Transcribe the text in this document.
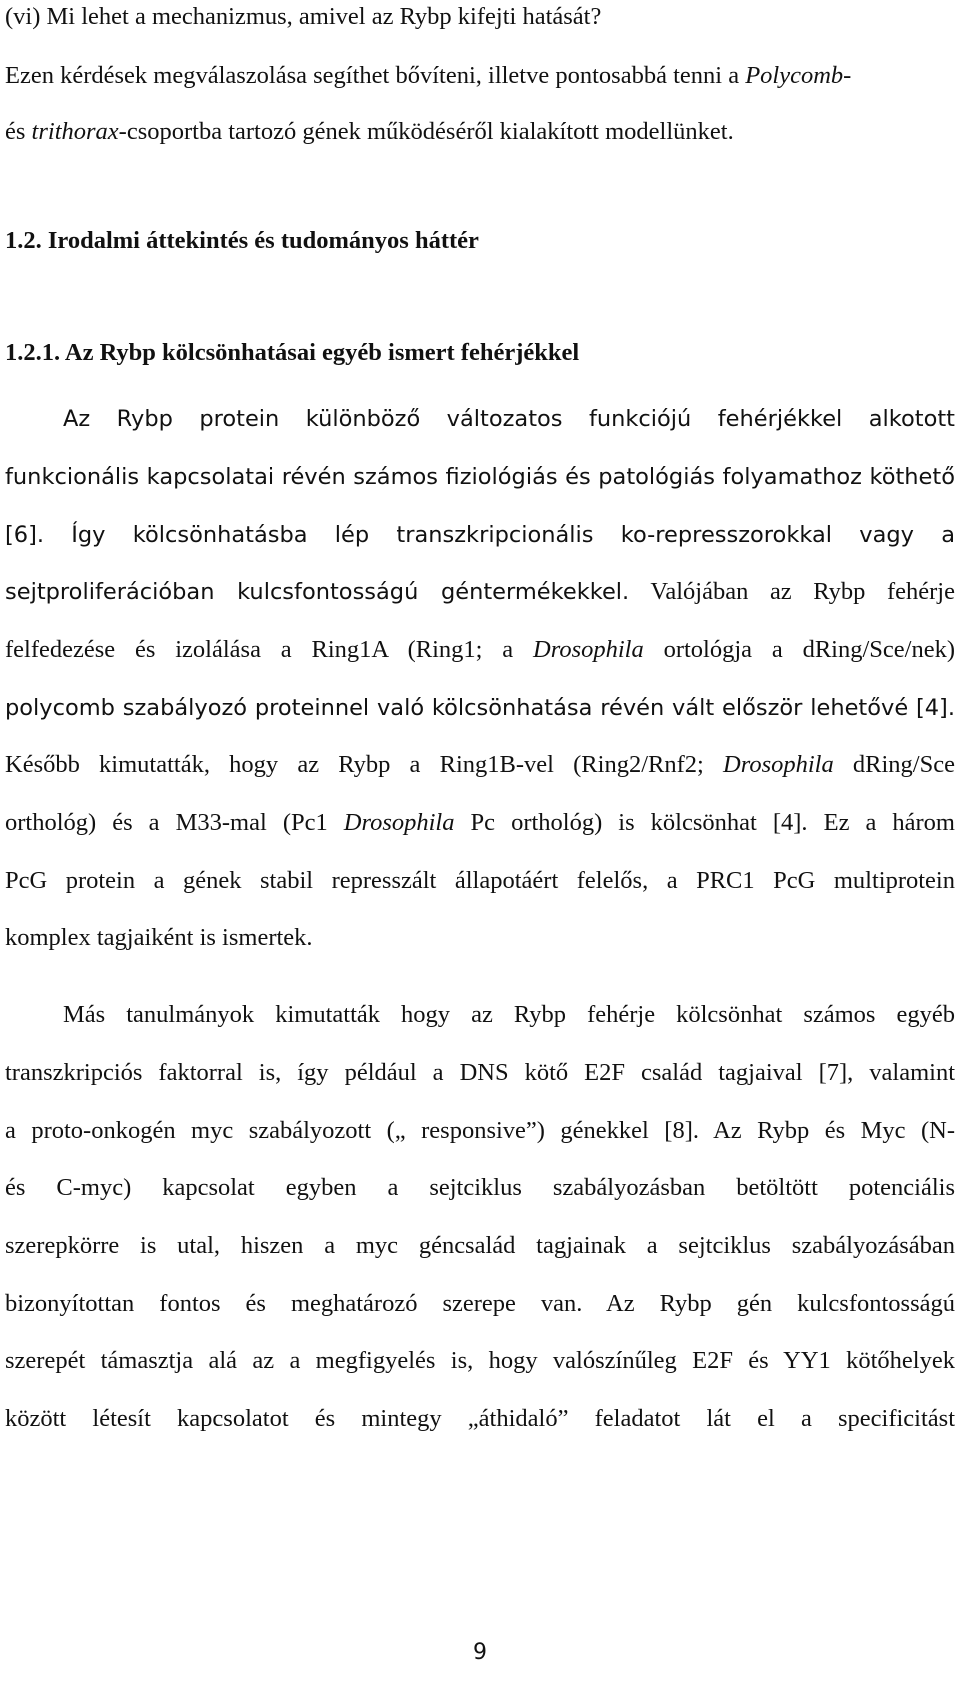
(vi) Mi lehet a mechanizmus, amivel az Rybp kifejti hatását?
Ezen kérdések megválaszolása segíthet bővíteni, illetve pontosabbá tenni a Polycomb-
és trithorax-csoportba tartozó gének működéséről kialakított modellünket.
1.2. Irodalmi áttekintés és tudományos háttér
1.2.1. Az Rybp kölcsönhatásai egyéb ismert fehérjékkel
Az Rybp protein különböző változatos funkciójú fehérjékkel alkotott
funkcionális kapcsolatai révén számos fiziológiás és patológiás folyamathoz köthető
[6]. Így kölcsönhatásba lép transzkripcionális ko-represszorokkal vagy a
sejtproliferációban kulcsfontosságú géntermékekkel. Valójában az Rybp fehérje
felfedezése és izolálása a Ring1A (Ring1; a Drosophila ortológja a dRing/Sce/nek)
polycomb szabályozó proteinnel való kölcsönhatása révén vált először lehetővé [4].
Később kimutatták, hogy az Rybp a Ring1B-vel (Ring2/Rnf2; Drosophila dRing/Sce
orthológ) és a M33-mal (Pc1 Drosophila Pc orthológ) is kölcsönhat [4]. Ez a három
PcG protein a gének stabil represszált állapotáért felelős, a PRC1 PcG multiprotein
komplex tagjaiként is ismertek.
Más tanulmányok kimutatták hogy az Rybp fehérje kölcsönhat számos egyéb
transzkripciós faktorral is, így például a DNS kötő E2F család tagjaival [7], valamint
a proto-onkogén myc szabályozott („ responsive”) génekkel [8]. Az Rybp és Myc (N-
és C-myc) kapcsolat egyben a sejtciklus szabályozásban betöltött potenciális
szerepkörre is utal, hiszen a myc géncsalád tagjainak a sejtciklus szabályozásában
bizonyítottan fontos és meghatározó szerepe van. Az Rybp gén kulcsfontosságú
szerepét támasztja alá az a megfigyelés is, hogy valószínűleg E2F és YY1 kötőhelyek
között létesít kapcsolatot és mintegy „áthidaló” feladatot lát el a specificitást
9
